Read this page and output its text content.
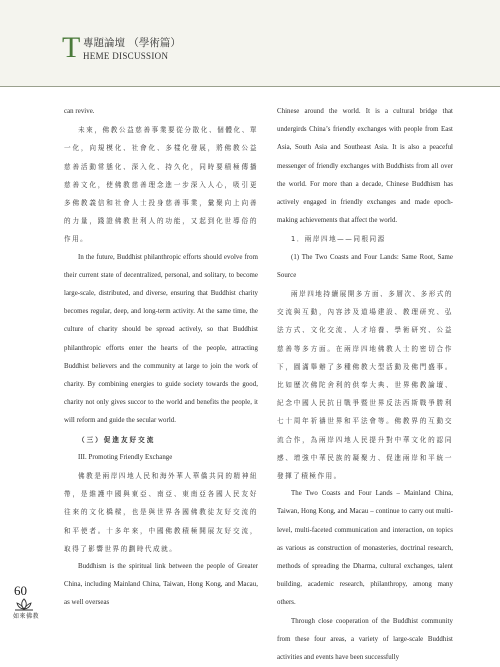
T 專題論壇 （學術篇）
HEME DISCUSSION

can revive.

未來，佛教公益慈善事業要從分散化、個體化、單一化，向規模化、社會化、多樣化發展，將佛教公益慈善活動常態化、深入化、持久化，同時要積極傳播慈善文化，使佛教慈善理念進一步深入人心，吸引更多佛教義信和社會人士投身慈善事業，彙聚向上向善的力量，踐證佛教世利人的功能，又起到化世導俗的作用。

In the future, Buddhist philanthropic efforts should evolve from their current state of decentralized, personal, and solitary, to become large-scale, distributed, and diverse, ensuring that Buddhist charity becomes regular, deep, and long-term activity. At the same time, the culture of charity should be spread actively, so that Buddhist philanthropic efforts enter the hearts of the people, attracting Buddhist believers and the community at large to join the work of charity. By combining energies to guide society towards the good, charity not only gives succor to the world and benefits the people, it will reform and guide the secular world.

（三）促進友好交流

III. Promoting Friendly Exchange

佛教是兩岸四地人民和海外華人華僑共同的精神紐帶，是維護中國與東亞、南亞、東南亞各國人民友好往來的文化橋樑，也是與世界各國佛教徒友好交流的和平使者。十多年來，中國佛教積極開展友好交流，取得了影響世界的劃時代成就。

Buddhism is the spiritual link between the people of Greater China, including Mainland China, Taiwan, Hong Kong, and Macau, as well overseas

Chinese around the world. It is a cultural bridge that undergirds China’s friendly exchanges with people from East Asia, South Asia and Southeast Asia. It is also a peaceful messenger of friendly exchanges with Buddhists from all over the world. For more than a decade, Chinese Buddhism has actively engaged in friendly exchanges and made epoch-making achievements that affect the world.

1．兩岸四地——同根同源

(1) The Two Coasts and Four Lands: Same Root, Same Source

兩岸四地持續展開多方面、多層次、多形式的交流與互動，內容涉及道場建設、教理研究、弘法方式、文化交流、人才培養、學術研究、公益慈善等多方面。在兩岸四地佛教人士的密切合作下，圓滿舉辦了多種佛教大型活動及佛門盛事。比如歷次佛陀舍利的供奉大典、世界佛教論壇、紀念中國人民抗日戰爭暨世界反法西斯戰爭勝利七十周年祈禱世界和平法會等。佛教界的互動交流合作，為兩岸四地人民提升對中華文化的認同感、增強中華民族的凝聚力、促進兩岸和平統一發揮了積極作用。

The Two Coasts and Four Lands – Mainland China, Taiwan, Hong Kong, and Macau – continue to carry out multi-level, multi-faceted communication and interaction, on topics as various as construction of monasteries, doctrinal research, methods of spreading the Dharma, cultural exchanges, talent building, academic research, philanthropy, among many others.

Through close cooperation of the Buddhist community from these four areas, a variety of large-scale Buddhist activities and events have been successfully

60
如來佛教
